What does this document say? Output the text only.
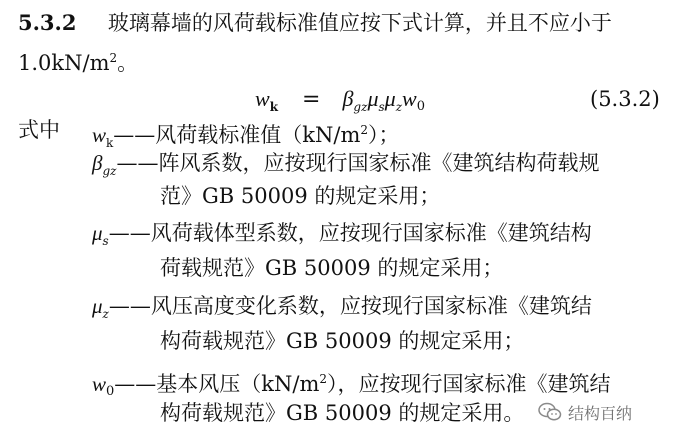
5.3.2 玻璃幕墙的风荷载标准值应按下式计算，并且不应小于
$1.0kN/m^2$。
$w_k = \beta_{gz}\mu_s\mu_zw0$	(5.3.2)
式中 $w_k——$风荷载标准值$(kN/m^2)$；
$\beta_{gz}——$阵风系数，应按现行国家标准《建筑结构荷载规
范》GB 50009 的规定采用；
$\mu_s——$风荷载体型系数，应按现行国家标准《建筑结构
荷载规范》GB 50009 的规定采用；
$\mu_z——$风压高度变化系数，应按现行国家标准《建筑结
构荷载规范》GB 50009 的规定采用；
w0——基本风压$(kN/m^2)$，应按现行国家标准《建筑结
构荷载规范》GB 50009 的规定采用。	结构百纳
